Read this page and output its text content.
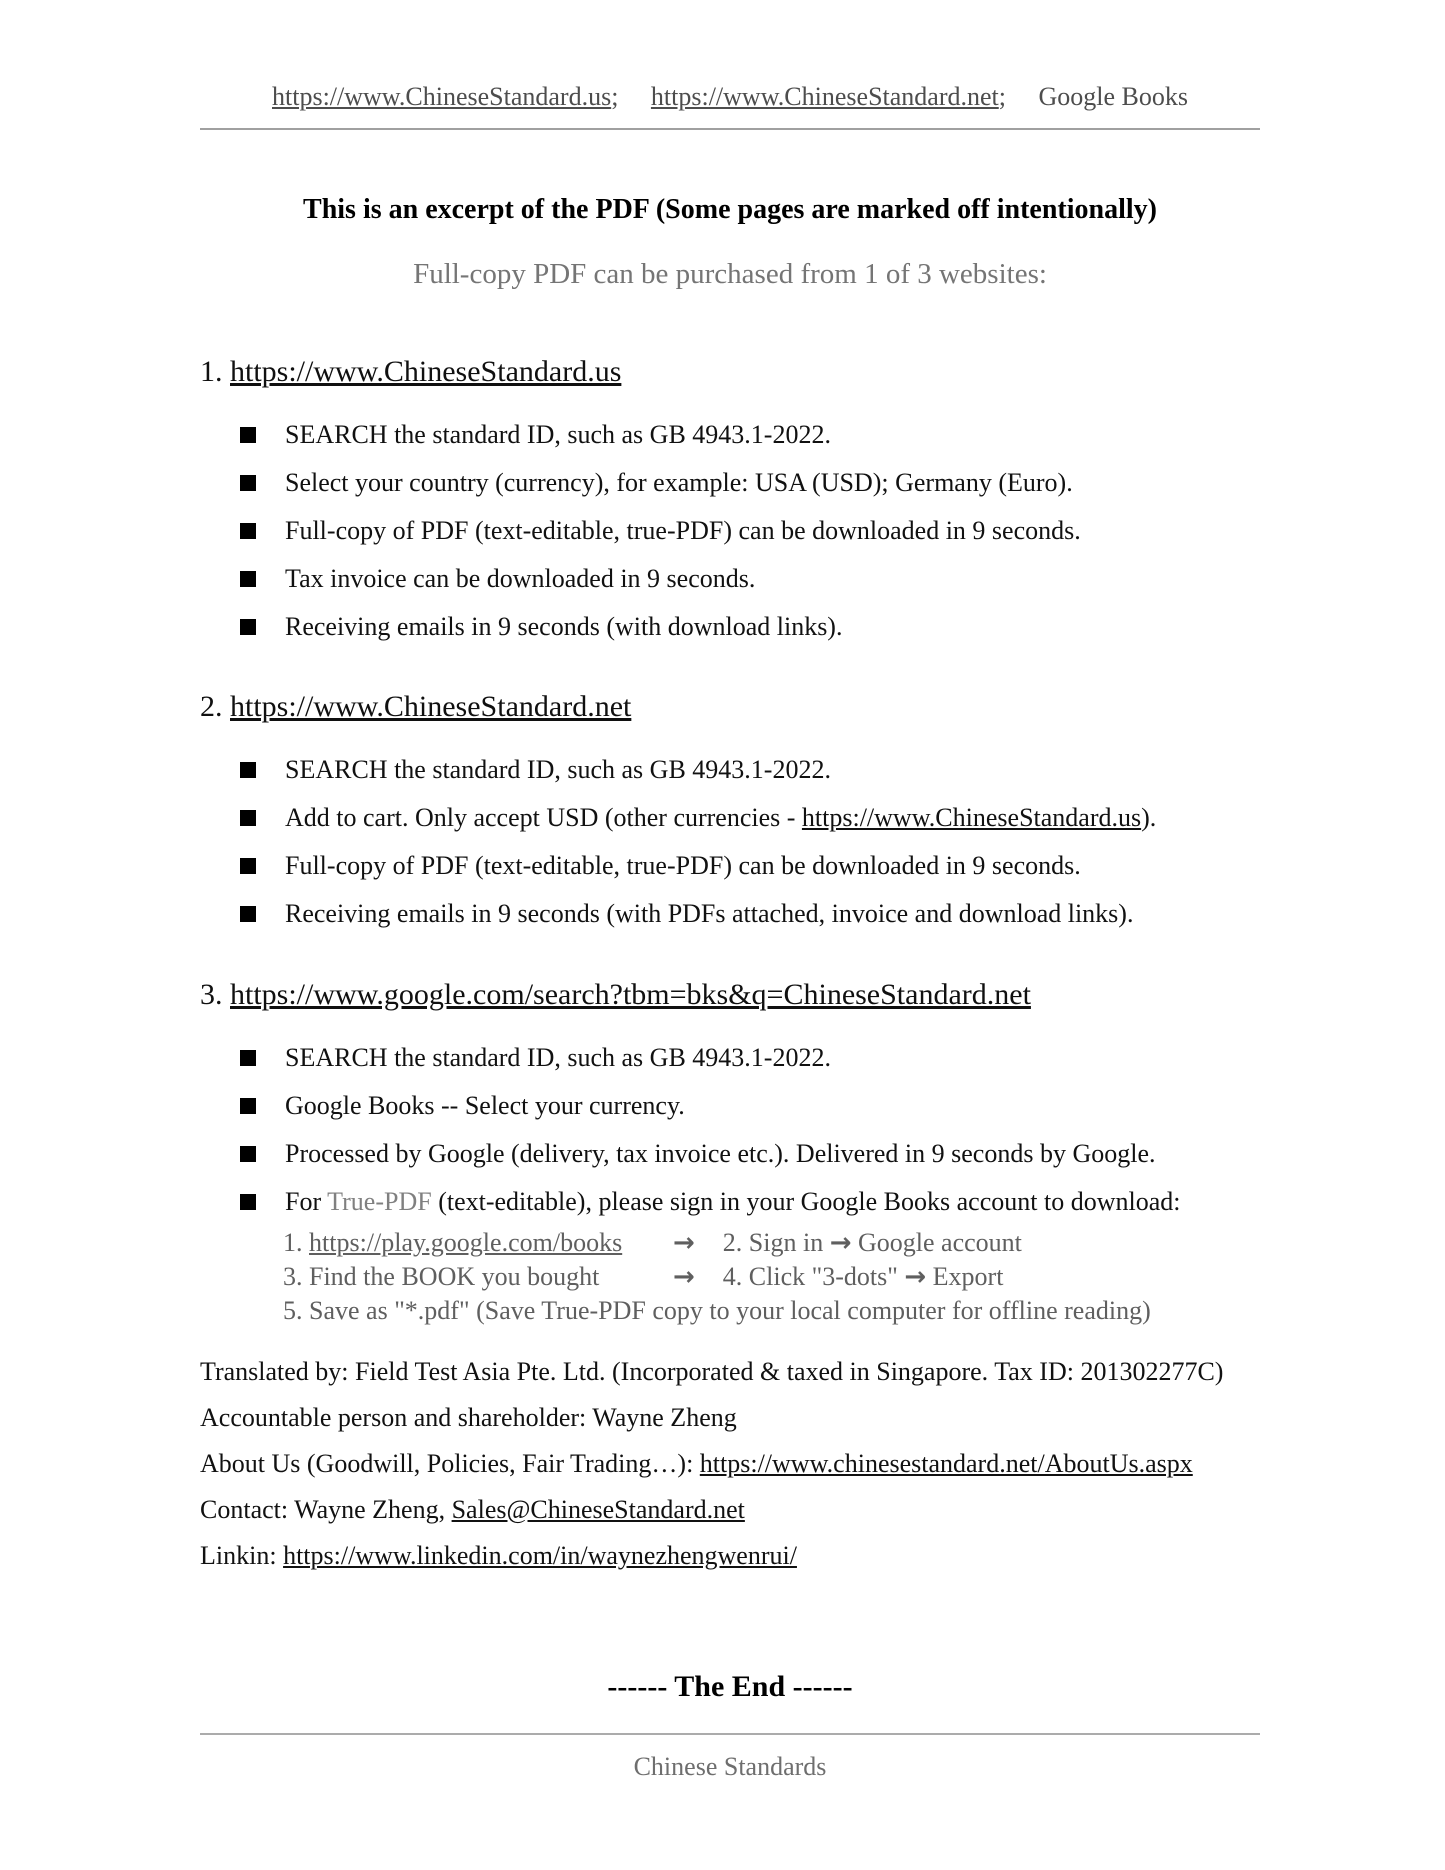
https://www.ChineseStandard.us; https://www.ChineseStandard.net; Google Books
This is an excerpt of the PDF (Some pages are marked off intentionally)
Full-copy PDF can be purchased from 1 of 3 websites:
1. https://www.ChineseStandard.us
SEARCH the standard ID, such as GB 4943.1-2022.
Select your country (currency), for example: USA (USD); Germany (Euro).
Full-copy of PDF (text-editable, true-PDF) can be downloaded in 9 seconds.
Tax invoice can be downloaded in 9 seconds.
Receiving emails in 9 seconds (with download links).
2. https://www.ChineseStandard.net
SEARCH the standard ID, such as GB 4943.1-2022.
Add to cart. Only accept USD (other currencies - https://www.ChineseStandard.us).
Full-copy of PDF (text-editable, true-PDF) can be downloaded in 9 seconds.
Receiving emails in 9 seconds (with PDFs attached, invoice and download links).
3. https://www.google.com/search?tbm=bks&q=ChineseStandard.net
SEARCH the standard ID, such as GB 4943.1-2022.
Google Books -- Select your currency.
Processed by Google (delivery, tax invoice etc.). Delivered in 9 seconds by Google.
For True-PDF (text-editable), please sign in your Google Books account to download:
1. https://play.google.com/books	→ 2. Sign in → Google account
3. Find the BOOK you bought	→ 4. Click "3-dots" → Export
5. Save as "*.pdf" (Save True-PDF copy to your local computer for offline reading)

Translated by: Field Test Asia Pte. Ltd. (Incorporated & taxed in Singapore. Tax ID: 201302277C)

Accountable person and shareholder: Wayne Zheng

About Us (Goodwill, Policies, Fair Trading…): https://www.chinesestandard.net/AboutUs.aspx

Contact: Wayne Zheng, Sales@ChineseStandard.net

Linkin: https://www.linkedin.com/in/waynezhengwenrui/

------ The End ------
Chinese Standards
